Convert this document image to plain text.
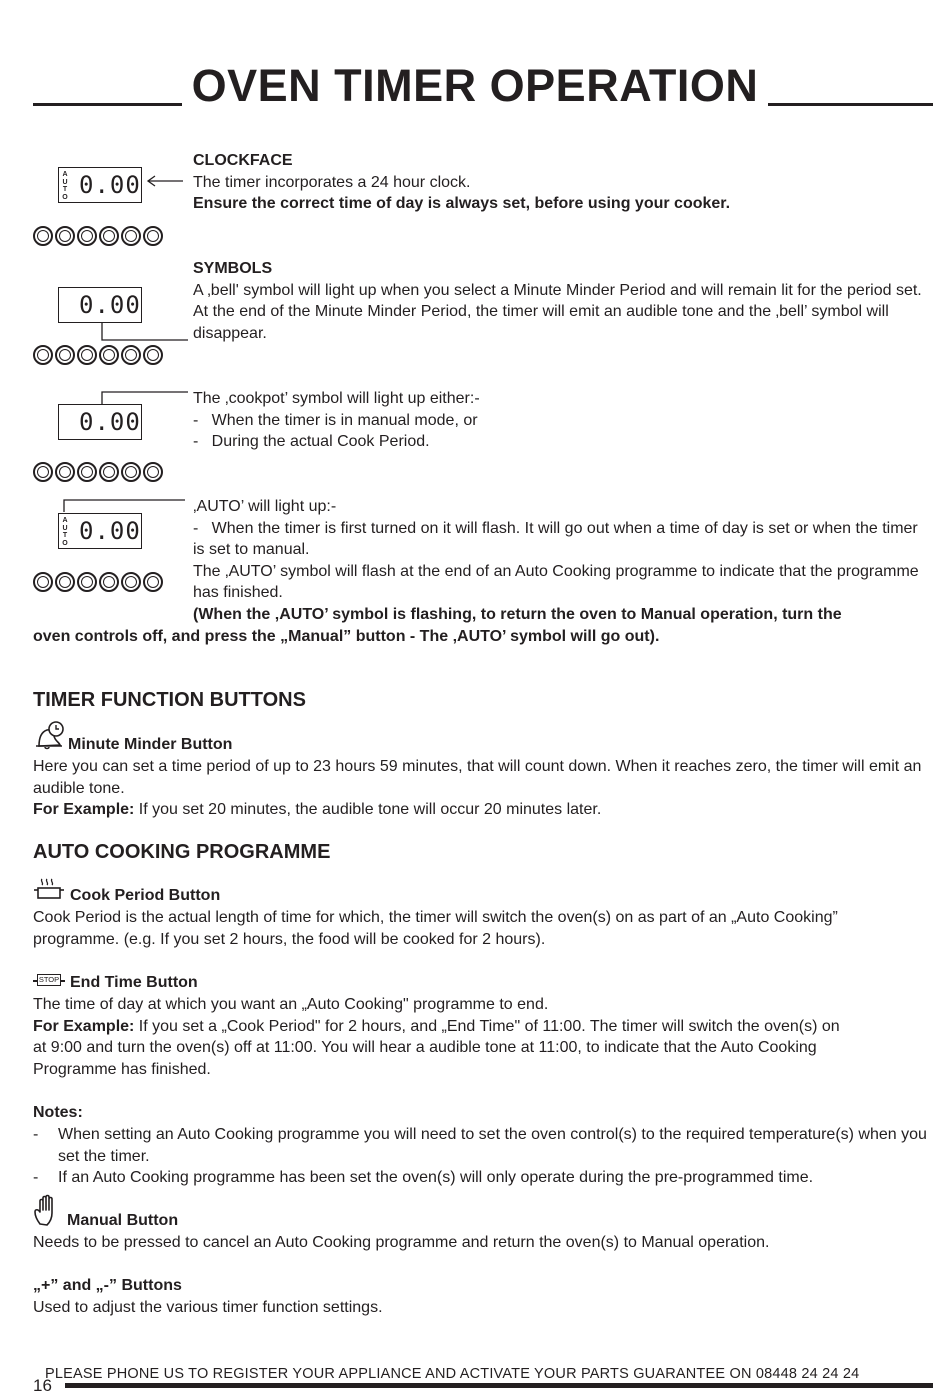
OVEN TIMER OPERATION
A
U
T
O 0.00

CLOCKFACE

The timer incorporates a 24 hour clock.

Ensure the correct time of day is always set, before using your cooker.

0.00

SYMBOLS

A ‚bell' symbol will light up when you select a Minute Minder Period and will remain lit for the period set.

At the end of the Minute Minder Period, the timer will emit an audible tone and the ‚bell’ symbol will disappear.

0.00

The ‚cookpot’ symbol will light up either:-

-   When the timer is in manual mode, or

-   During the actual Cook Period.

A
U
T
O 0.00

‚AUTO’ will light up:-

-   When the timer is first turned on it will flash. It will go out when a time of day is set or when the timer is set to manual.

The ‚AUTO’ symbol will flash at the end of an Auto Cooking programme to indicate that the programme has finished.

(When the ‚AUTO’ symbol is flashing, to return the oven to Manual operation, turn the

oven controls off, and press the „Manual” button - The ‚AUTO’ symbol will go out).

TIMER FUNCTION BUTTONS

Minute Minder Button

Here you can set a time period of up to 23 hours 59 minutes, that will count down. When it reaches zero, the timer will emit an audible tone.

For Example: If you set 20 minutes, the audible tone will occur 20 minutes later.

AUTO COOKING PROGRAMME

Cook Period Button

Cook Period is the actual length of time for which, the timer will switch the oven(s) on as part of an „Auto Cooking” programme. (e.g. If you set 2 hours, the food will be cooked for 2 hours).

STOP End Time Button

The time of day at which you want an „Auto Cooking" programme to end.

For Example: If you set a „Cook Period" for 2 hours, and „End Time" of 11:00. The timer will switch the oven(s) on

at 9:00 and turn the oven(s) off at 11:00. You will hear a audible tone at 11:00, to indicate that the Auto Cooking Programme has finished.

Notes:

- When setting an Auto Cooking programme you will need to set the oven control(s) to the required temperature(s) when you set the timer.

- If an Auto Cooking programme has been set the oven(s) will only operate during the pre-programmed time.

Manual Button

Needs to be pressed to cancel an Auto Cooking programme and return the oven(s) to Manual operation.

„+” and „-” Buttons

Used to adjust the various timer function settings.

PLEASE PHONE US TO REGISTER YOUR APPLIANCE AND ACTIVATE YOUR PARTS GUARANTEE ON 08448 24 24 24

16
